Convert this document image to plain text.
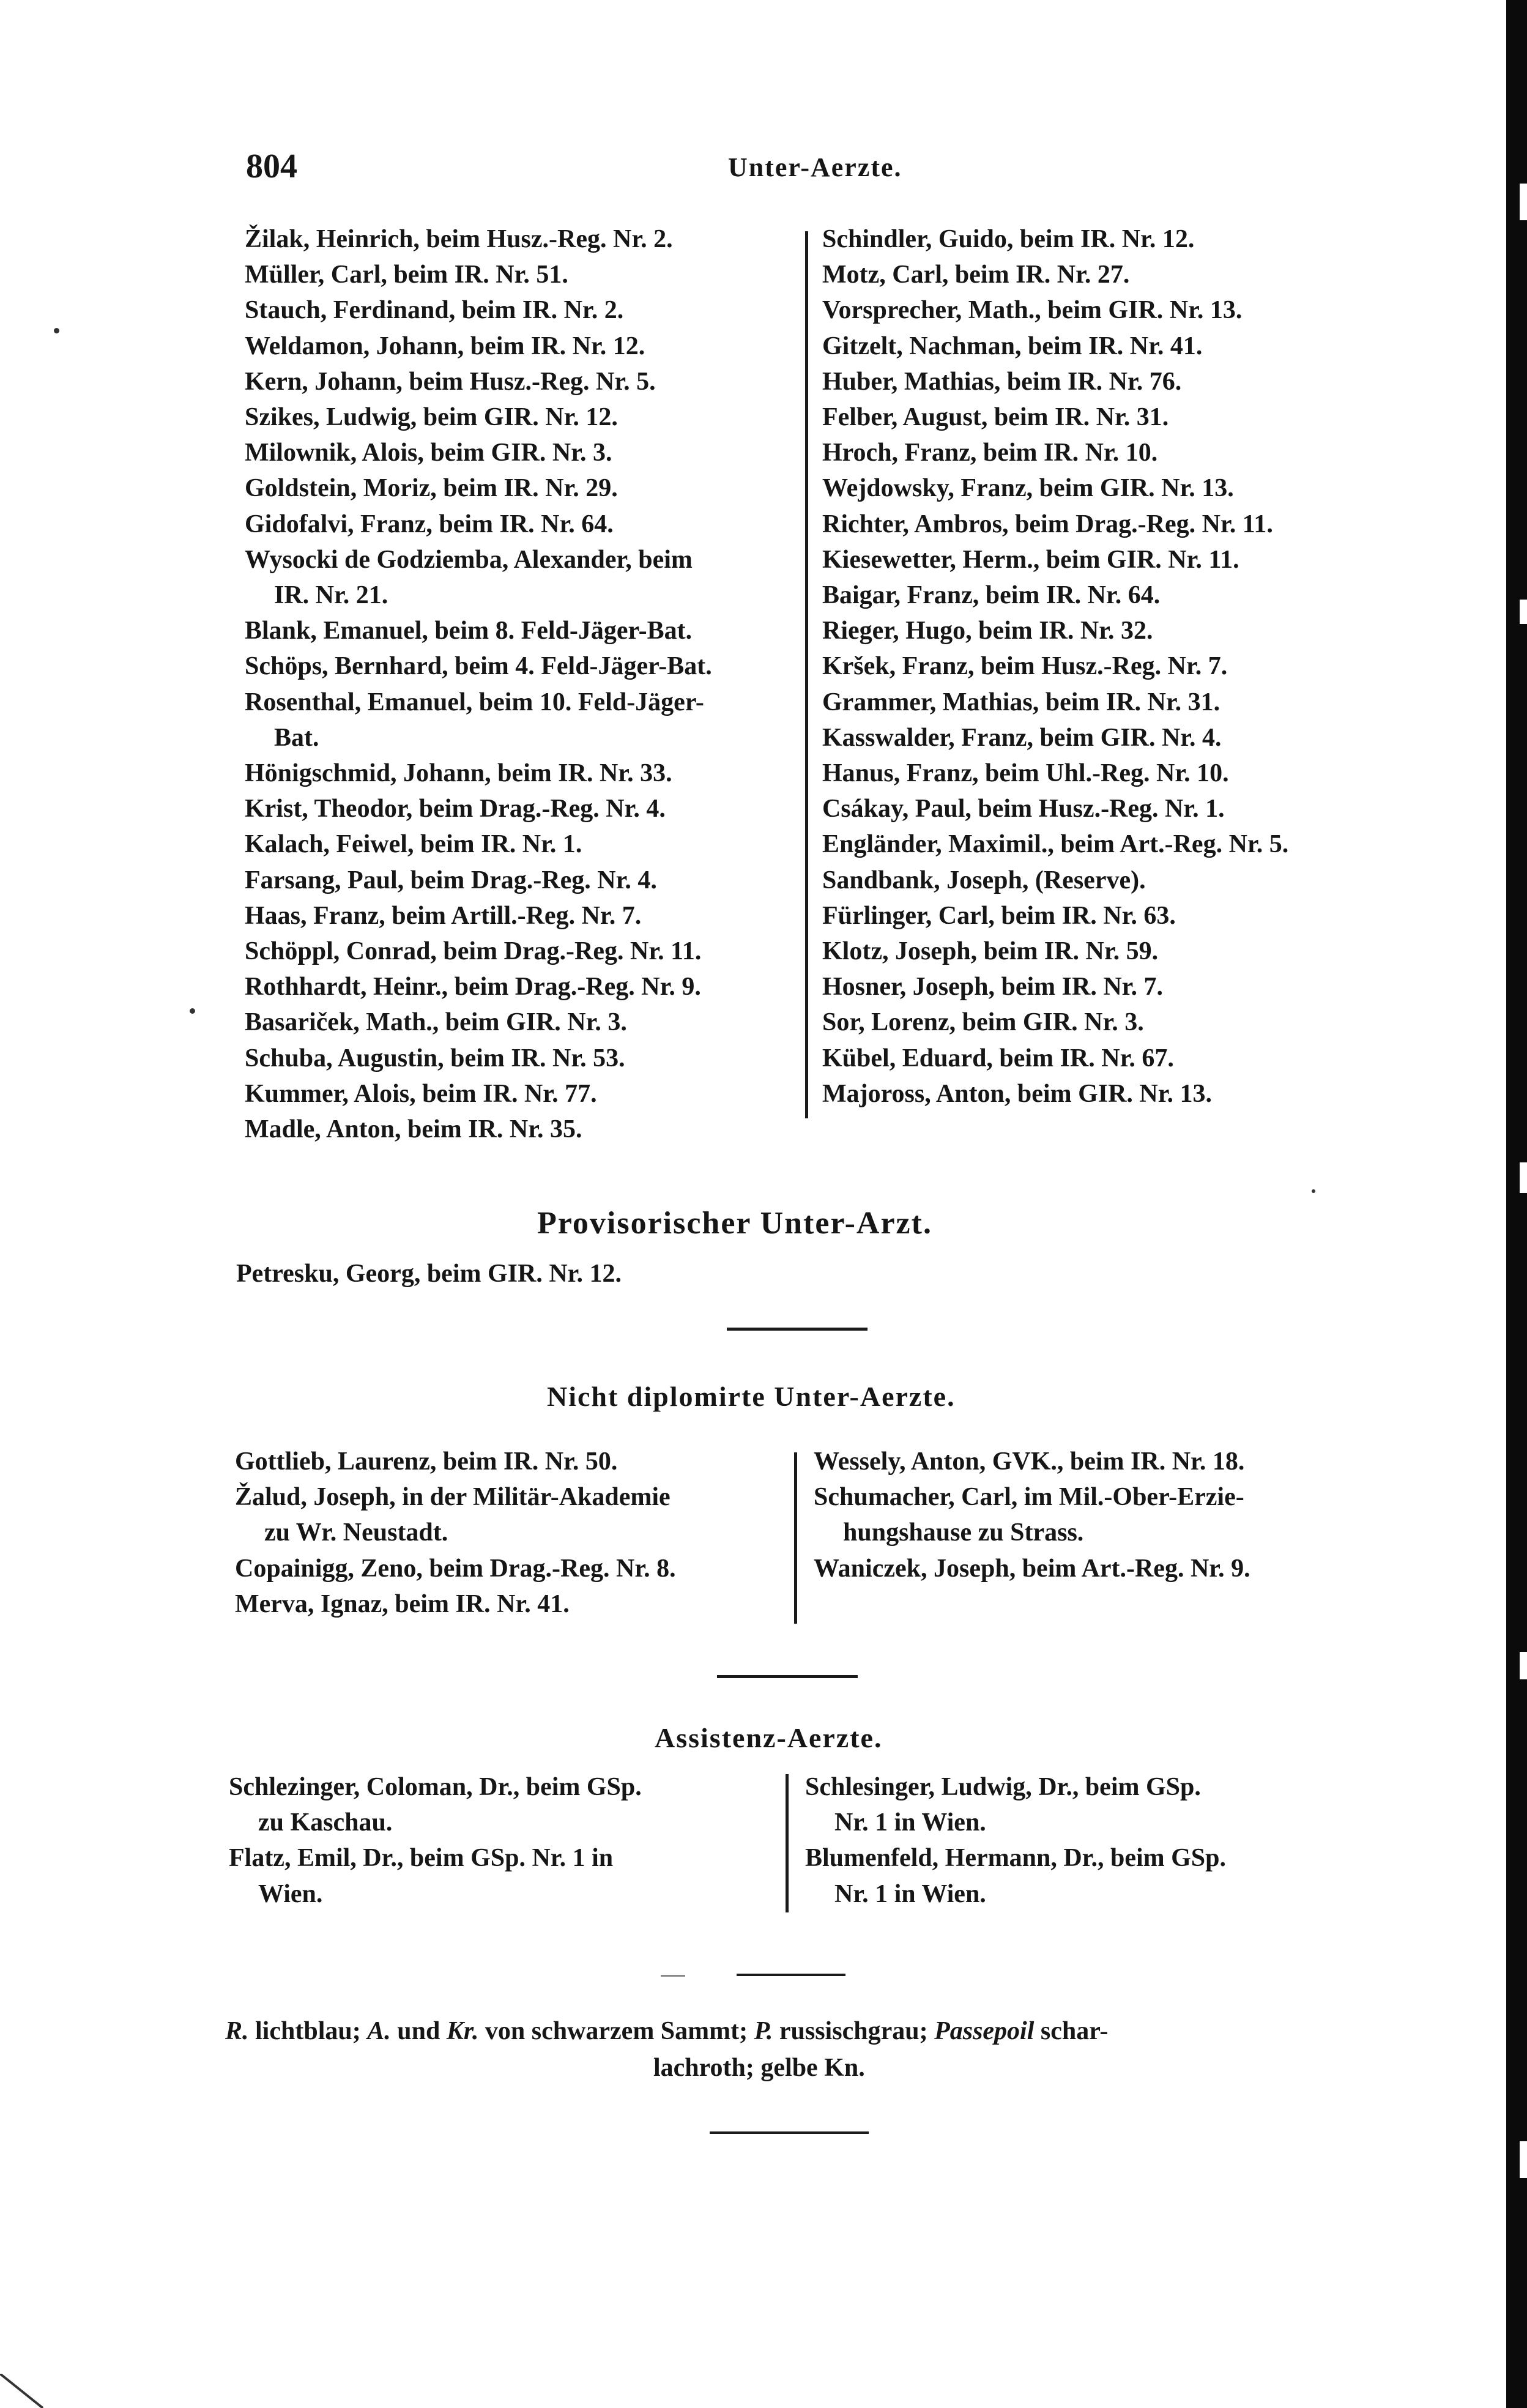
804	Unter-Aerzte.
Žilak, Heinrich, beim Husz.-Reg. Nr. 2.
Müller, Carl, beim IR. Nr. 51.
Stauch, Ferdinand, beim IR. Nr. 2.
Weldamon, Johann, beim IR. Nr. 12.
Kern, Johann, beim Husz.-Reg. Nr. 5.
Szikes, Ludwig, beim GIR. Nr. 12.
Milownik, Alois, beim GIR. Nr. 3.
Goldstein, Moriz, beim IR. Nr. 29.
Gidofalvi, Franz, beim IR. Nr. 64.
Wysocki de Godziemba, Alexander, beim
IR. Nr. 21.
Blank, Emanuel, beim 8. Feld-Jäger-Bat.
Schöps, Bernhard, beim 4. Feld-Jäger-Bat.
Rosenthal, Emanuel, beim 10. Feld-Jäger-
Bat.
Hönigschmid, Johann, beim IR. Nr. 33.
Krist, Theodor, beim Drag.-Reg. Nr. 4.
Kalach, Feiwel, beim IR. Nr. 1.
Farsang, Paul, beim Drag.-Reg. Nr. 4.
Haas, Franz, beim Artill.-Reg. Nr. 7.
Schöppl, Conrad, beim Drag.-Reg. Nr. 11.
Rothhardt, Heinr., beim Drag.-Reg. Nr. 9.
Basariček, Math., beim GIR. Nr. 3.
Schuba, Augustin, beim IR. Nr. 53.
Kummer, Alois, beim IR. Nr. 77.
Madle, Anton, beim IR. Nr. 35.
Schindler, Guido, beim IR. Nr. 12.
Motz, Carl, beim IR. Nr. 27.
Vorsprecher, Math., beim GIR. Nr. 13.
Gitzelt, Nachman, beim IR. Nr. 41.
Huber, Mathias, beim IR. Nr. 76.
Felber, August, beim IR. Nr. 31.
Hroch, Franz, beim IR. Nr. 10.
Wejdowsky, Franz, beim GIR. Nr. 13.
Richter, Ambros, beim Drag.-Reg. Nr. 11.
Kiesewetter, Herm., beim GIR. Nr. 11.
Baigar, Franz, beim IR. Nr. 64.
Rieger, Hugo, beim IR. Nr. 32.
Kršek, Franz, beim Husz.-Reg. Nr. 7.
Grammer, Mathias, beim IR. Nr. 31.
Kasswalder, Franz, beim GIR. Nr. 4.
Hanus, Franz, beim Uhl.-Reg. Nr. 10.
Csákay, Paul, beim Husz.-Reg. Nr. 1.
Engländer, Maximil., beim Art.-Reg. Nr. 5.
Sandbank, Joseph, (Reserve).
Fürlinger, Carl, beim IR. Nr. 63.
Klotz, Joseph, beim IR. Nr. 59.
Hosner, Joseph, beim IR. Nr. 7.
Sor, Lorenz, beim GIR. Nr. 3.
Kübel, Eduard, beim IR. Nr. 67.
Majoross, Anton, beim GIR. Nr. 13.
Provisorischer Unter-Arzt.
Petresku, Georg, beim GIR. Nr. 12.
Nicht diplomirte Unter-Aerzte.
Gottlieb, Laurenz, beim IR. Nr. 50.
Žalud, Joseph, in der Militär-Akademie
zu Wr. Neustadt.
Copainigg, Zeno, beim Drag.-Reg. Nr. 8.
Merva, Ignaz, beim IR. Nr. 41.
Wessely, Anton, GVK., beim IR. Nr. 18.
Schumacher, Carl, im Mil.-Ober-Erzie-
hungshause zu Strass.
Waniczek, Joseph, beim Art.-Reg. Nr. 9.
Assistenz-Aerzte.
Schlezinger, Coloman, Dr., beim GSp.
zu Kaschau.
Flatz, Emil, Dr., beim GSp. Nr. 1 in
Wien.
Schlesinger, Ludwig, Dr., beim GSp.
Nr. 1 in Wien.
Blumenfeld, Hermann, Dr., beim GSp.
Nr. 1 in Wien.
R. lichtblau; A. und Kr. von schwarzem Sammt; P. russischgrau; Passepoil schar-
lachroth; gelbe Kn.
